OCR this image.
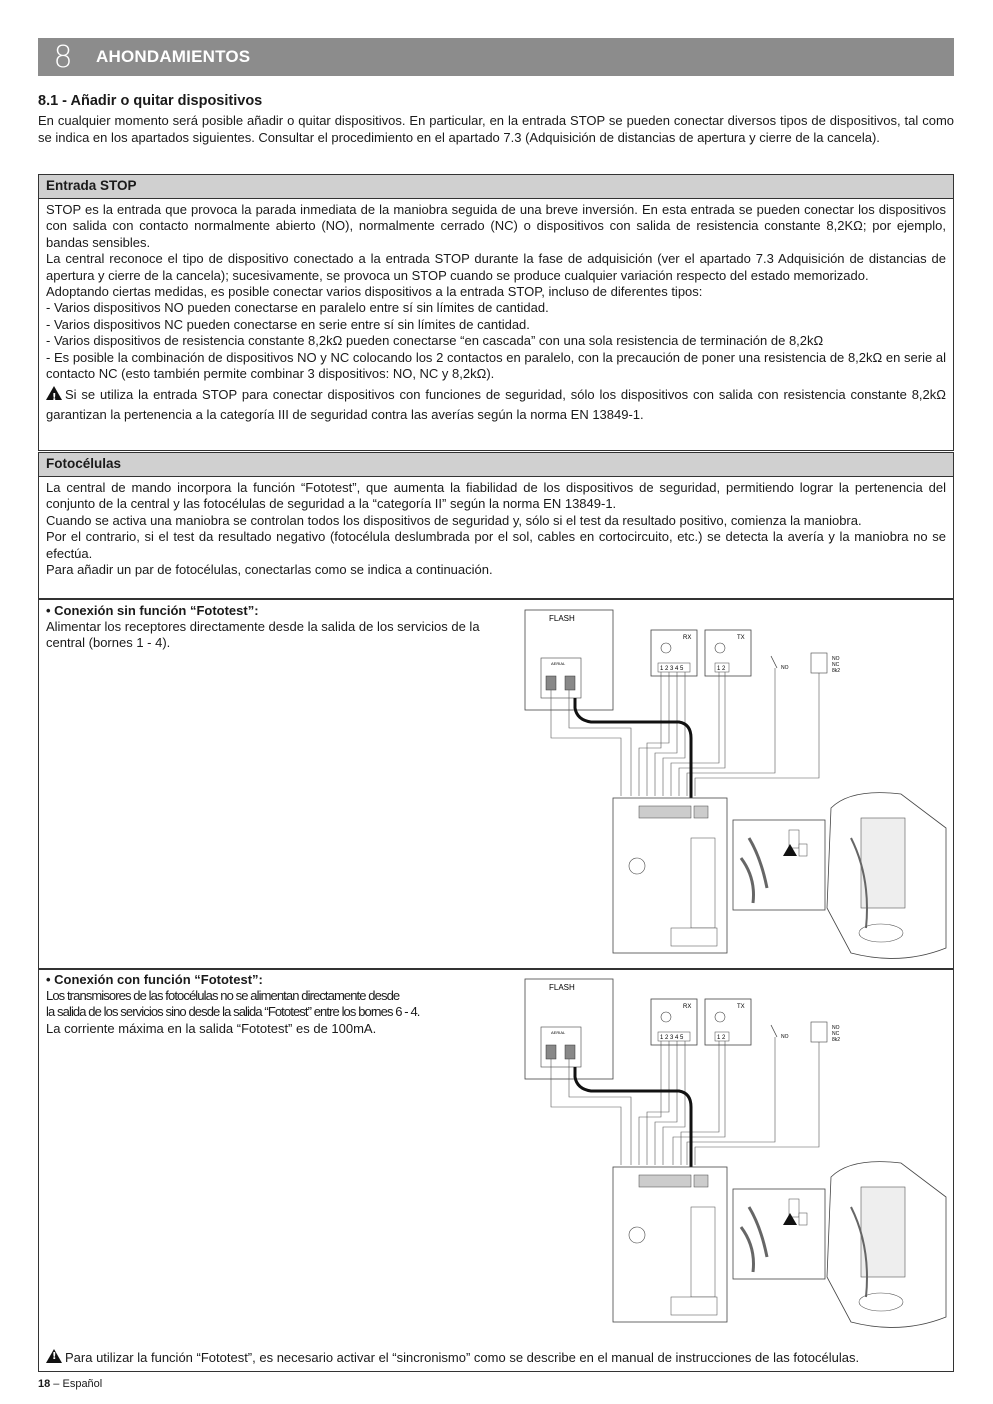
8	AHONDAMIENTOS
8.1 - Añadir o quitar dispositivos
En cualquier momento será posible añadir o quitar dispositivos. En particular, en la entrada STOP se pueden conectar diversos tipos de dispositivos, tal como se indica en los apartados siguientes. Consultar el procedimiento en el apartado 7.3 (Adquisición de distancias de apertura y cierre de la cancela).
Entrada STOP

STOP es la entrada que provoca la parada inmediata de la maniobra seguida de una breve inversión. En esta entrada se pueden conectar los dispositivos con salida con contacto normalmente abierto (NO), normalmente cerrado (NC) o dispositivos con salida de resistencia constante 8,2KΩ; por ejemplo, bandas sensibles.

La central reconoce el tipo de dispositivo conectado a la entrada STOP durante la fase de adquisición (ver el apartado 7.3 Adquisición de distancias de apertura y cierre de la cancela); sucesivamente, se provoca un STOP cuando se produce cualquier variación respecto del estado memorizado.

Adoptando ciertas medidas, es posible conectar varios dispositivos a la entrada STOP, incluso de diferentes tipos:

- Varios dispositivos NO pueden conectarse en paralelo entre sí sin límites de cantidad.

- Varios dispositivos NC pueden conectarse en serie entre sí sin límites de cantidad.

- Varios dispositivos de resistencia constante 8,2kΩ pueden conectarse “en cascada” con una sola resistencia de terminación de 8,2kΩ

- Es posible la combinación de dispositivos NO y NC colocando los 2 contactos en paralelo, con la precaución de poner una resistencia de 8,2kΩ en serie al contacto NC (esto también permite combinar 3 dispositivos: NO, NC y 8,2kΩ).

!Si se utiliza la entrada STOP para conectar dispositivos con funciones de seguridad, sólo los dispositivos con salida con resistencia constante 8,2kΩ garantizan la pertenencia a la categoría III de seguridad contra las averías según la norma EN 13849-1.

Fotocélulas

La central de mando incorpora la función “Fototest”, que aumenta la fiabilidad de los dispositivos de seguridad, permitiendo lograr la pertenencia del conjunto de la central y las fotocélulas de seguridad a la “categoría II” según la norma EN 13849-1.

Cuando se activa una maniobra se controlan todos los dispositivos de seguridad y, sólo si el test da resultado positivo, comienza la maniobra.

Por el contrario, si el test da resultado negativo (fotocélula deslumbrada por el sol, cables en cortocircuito, etc.) se detecta la avería y la maniobra no se efectúa.

Para añadir un par de fotocélulas, conectarlas como se indica a continuación.

• Conexión sin función “Fototest”:
Alimentar los receptores directamente desde la salida de los servicios de la central (bornes 1 - 4).
FLASH
AERIAL
RX
1 2 3 4 5
TX
1 2	NO
NO
NC
8k2
• Conexión con función “Fototest”:
Los transmisores de las fotocélulas no se alimentan directamente desde
la salida de los servicios sino desde la salida “Fototest” entre los bornes 6 - 4.
La corriente máxima en la salida “Fototest” es de 100mA.
FLASH
AERIAL
RX
1 2 3 4 5
TX
1 2	NO
NO
NC
8k2
!Para utilizar la función “Fototest”, es necesario activar el “sincronismo” como se describe en el manual de instrucciones de las fotocélulas.
18 – Español
